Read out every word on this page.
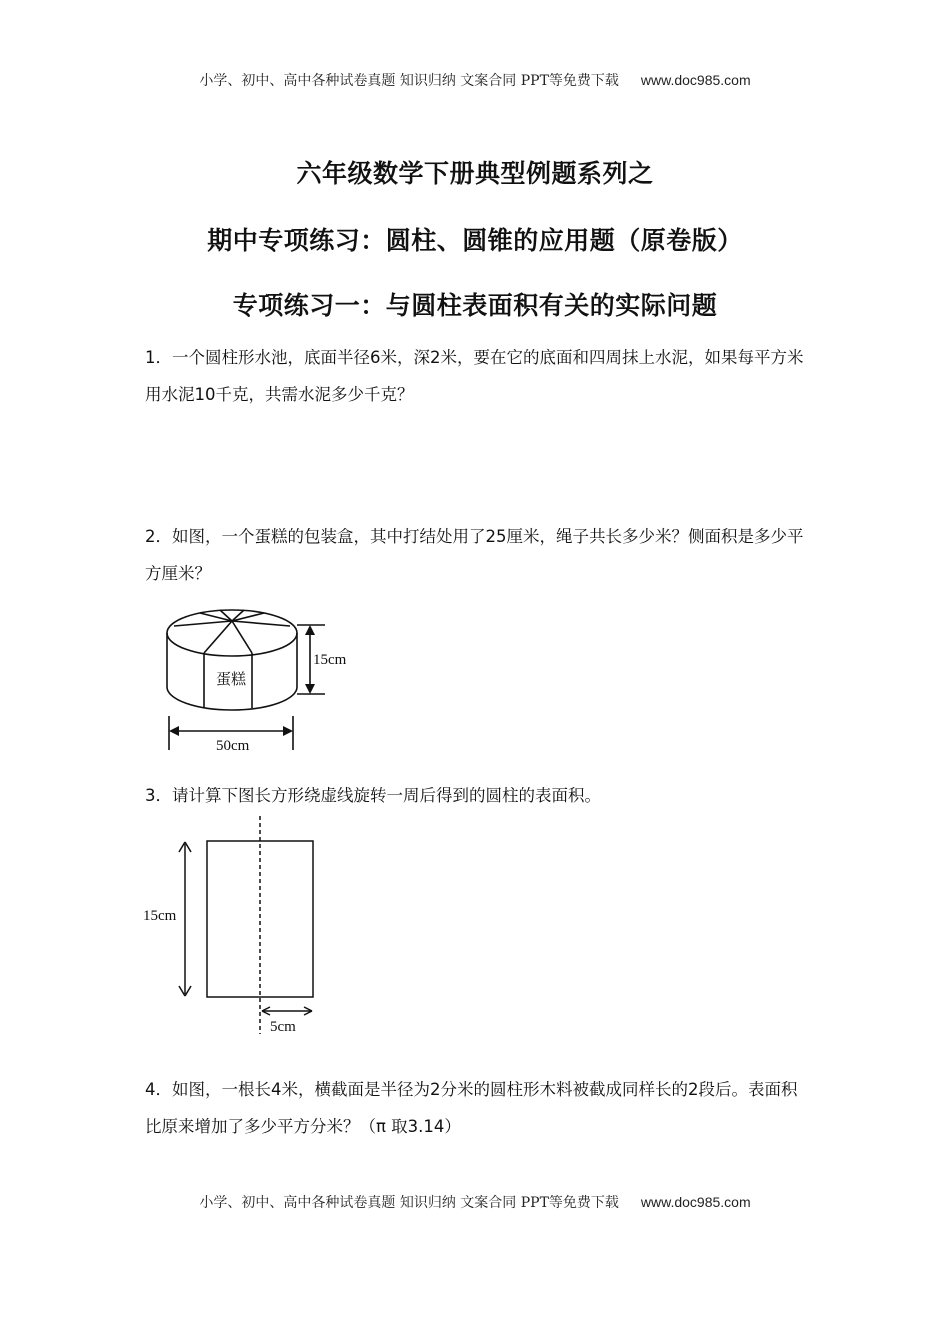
小学、初中、高中各种试卷真题 知识归纳 文案合同 PPT等免费下载 www.doc985.com
六年级数学下册典型例题系列之
期中专项练习：圆柱、圆锥的应用题（原卷版）
专项练习一：与圆柱表面积有关的实际问题
1．一个圆柱形水池，底面半径6米，深2米，要在它的底面和四周抹上水泥，如果每平方米用水泥10千克，共需水泥多少千克？
2．如图，一个蛋糕的包装盒，其中打结处用了25厘米，绳子共长多少米？侧面积是多少平方厘米？
蛋糕
15cm
50cm
3．请计算下图长方形绕虚线旋转一周后得到的圆柱的表面积。
15cm
5cm
4．如图，一根长4米，横截面是半径为2分米的圆柱形木料被截成同样长的2段后。表面积比原来增加了多少平方分米？（π 取3.14）
小学、初中、高中各种试卷真题 知识归纳 文案合同 PPT等免费下载 www.doc985.com
